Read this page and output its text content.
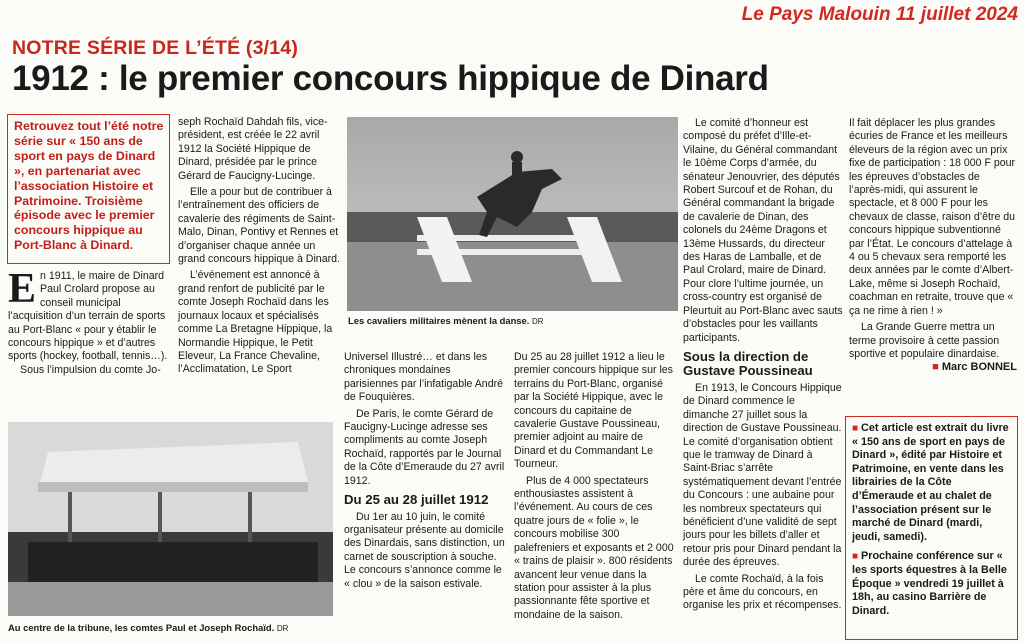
Le Pays Malouin 11 juillet 2024
NOTRE SÉRIE DE L’ÉTÉ (3/14)
1912 : le premier concours hippique de Dinard

Retrouvez tout l’été notre série sur « 150 ans de sport en pays de Dinard », en partenariat avec l’association Histoire et Patrimoine. Troisième épisode avec le premier concours hippique au Port-Blanc à Dinard.

E n 1911, le maire de Dinard Paul Crolard propose au conseil municipal l’acquisition d’un terrain de sports au Port-Blanc « pour y établir le concours hippique » et d’autres sports (hockey, football, tennis…).

Sous l’impulsion du comte Jo-

seph Rochaïd Dahdah fils, vice-président, est créée le 22 avril 1912 la Société Hippique de Dinard, présidée par le prince Gérard de Faucigny-Lucinge.

Elle a pour but de contribuer à l’entraînement des officiers de cavalerie des régiments de Saint-Malo, Dinan, Pontivy et Rennes et d’organiser chaque année un grand concours hippique à Dinard.

L’événement est annoncé à grand renfort de publicité par le comte Joseph Rochaïd dans les journaux locaux et spécialisés comme La Bretagne Hippique, la Normandie Hippique, le Petit Eleveur, La France Chevaline, l’Acclimatation, Le Sport

Les cavaliers militaires mènent la danse. DR
Au centre de la tribune, les comtes Paul et Joseph Rochaïd. DR

Universel Illustré… et dans les chroniques mondaines parisiennes par l’infatigable André de Fouquières.

De Paris, le comte Gérard de Faucigny-Lucinge adresse ses compliments au comte Joseph Rochaïd, rapportés par le Journal de la Côte d’Emeraude du 27 avril 1912.

Du 25 au 28 juillet 1912

Du 1er au 10 juin, le comité organisateur présente au domicile des Dinardais, sans distinction, un carnet de souscription à souche. Le concours s’annonce comme le « clou » de la saison estivale.

Du 25 au 28 juillet 1912 a lieu le premier concours hippique sur les terrains du Port-Blanc, organisé par la Société Hippique, avec le concours du capitaine de cavalerie Gustave Poussineau, premier adjoint au maire de Dinard et du Commandant Le Tourneur.

Plus de 4 000 spectateurs enthousiastes assistent à l’événement. Au cours de ces quatre jours de « folie », le concours mobilise 300 palefreniers et exposants et 2 000 « trains de plaisir ». 800 résidents avancent leur venue dans la station pour assister à la plus passionnante fête sportive et mondaine de la saison.

Le comité d’honneur est composé du préfet d’Ille-et-Vilaine, du Général commandant le 10ème Corps d’armée, du sénateur Jenouvrier, des députés Robert Surcouf et de Rohan, du Général commandant la brigade de cavalerie de Dinan, des colonels du 24ème Dragons et 13ème Hussards, du directeur des Haras de Lamballe, et de Paul Crolard, maire de Dinard. Pour clore l’ultime journée, un cross-country est organisé de Pleurtuit au Port-Blanc avec sauts d’obstacles pour les vaillants participants.

Sous la direction de Gustave Poussineau

En 1913, le Concours Hippique de Dinard commence le dimanche 27 juillet sous la direction de Gustave Poussineau. Le comité d’organisation obtient que le tramway de Dinard à Saint-Briac s’arrête systématiquement devant l’entrée du Concours : une aubaine pour les nombreux spectateurs qui bénéficient d’une validité de sept jours pour les billets d’aller et retour pris pour Dinard pendant la durée des épreuves.

Le comte Rochaïd, à la fois père et âme du concours, en organise les prix et récompenses.

Il fait déplacer les plus grandes écuries de France et les meilleurs éleveurs de la région avec un prix fixe de participation : 18 000 F pour les épreuves d’obstacles de l’après-midi, qui assurent le spectacle, et 8 000 F pour les chevaux de classe, raison d’être du concours hippique subventionné par l’État. Le concours d’attelage à 4 ou 5 chevaux sera remporté les deux années par le comte d’Albert-Lake, même si Joseph Rochaïd, coachman en retraite, trouve que « ça ne rime à rien ! »

La Grande Guerre mettra un terme provisoire à cette passion sportive et populaire dinardaise.

■ Marc BONNEL

■ Cet article est extrait du livre « 150 ans de sport en pays de Dinard », édité par Histoire et Patrimoine, en vente dans les librairies de la Côte d’Émeraude et au chalet de l’association présent sur le marché de Dinard (mardi, jeudi, samedi).

■ Prochaine conférence sur « les sports équestres à la Belle Époque » vendredi 19 juillet à 18h, au casino Barrière de Dinard.
